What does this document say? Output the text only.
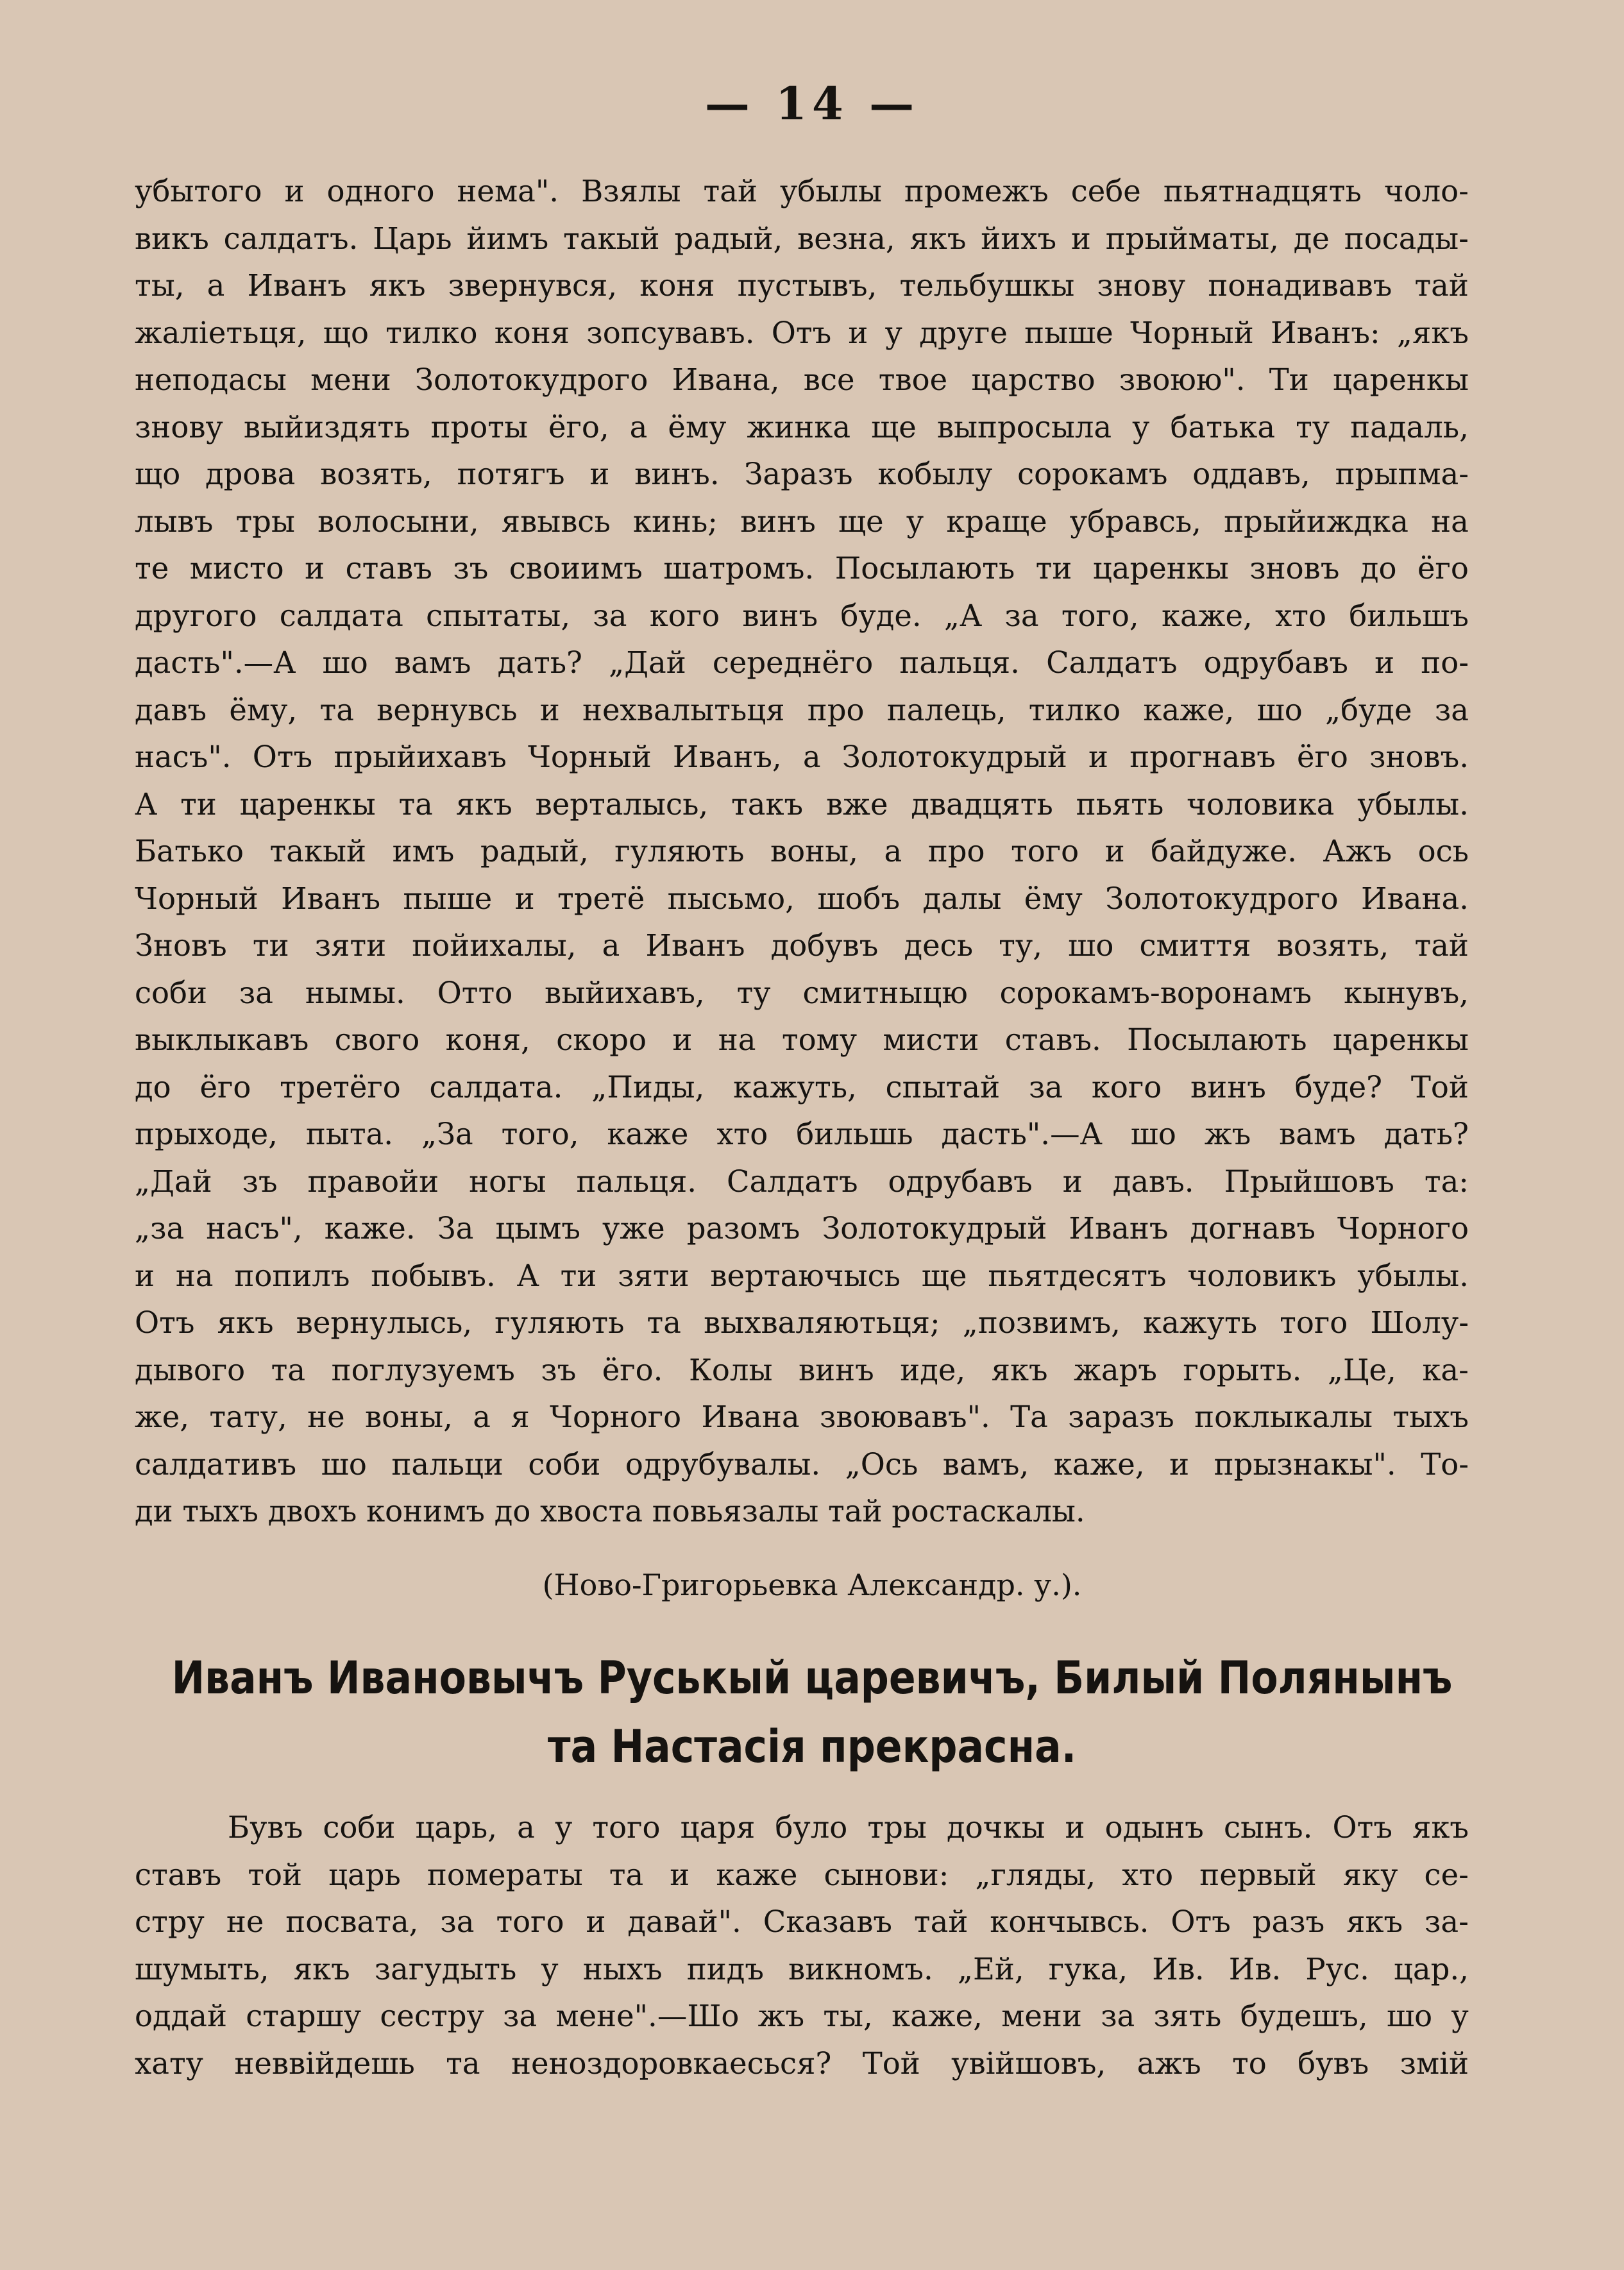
— 14 —
убытого и одного нема". Взялы тай убылы промежъ себе пьятнадцять чоло-
викъ салдатъ. Царь йимъ такый радый, везна, якъ йихъ и прыйматы, де посады-
ты, а Иванъ якъ звернувся, коня пустывъ, тельбушкы знову понадивавъ тай
жалieтьця, що тилко коня зопсувавъ. Отъ и у друге пыше Чорный Иванъ: „якъ
неподасы мени Золотокудрого Ивана, все твое царство звоюю". Ти царенкы
знову выйиздять проты ёго, а ёму жинка ще выпросыла у батька ту падаль,
що дрова возять, потягъ и винъ. Заразъ кобылу сорокамъ оддавъ, прыпма-
лывъ тры волосыни, явывсь кинь; винъ ще у краще убравсь, прыйиждка на
те мисто и ставъ зъ своиимъ шатромъ. Посылають ти царенкы зновъ до ёго
другого салдата спытаты, за кого винъ буде. „А за того, каже, хто бильшъ
дасть".—А шо вамъ дать? „Дай середнёго пальця. Салдатъ одрубавъ и по-
давъ ёму, та вернувсь и нехвалытьця про палець, тилко каже, шо „буде за
насъ". Отъ прыйихавъ Чорный Иванъ, а Золотокудрый и прогнавъ ёго зновъ.
А ти царенкы та якъ верталысь, такъ вже двадцять пьять чоловика убылы.
Батько такый имъ радый, гуляють воны, а про того и байдуже. Ажъ ось
Чорный Иванъ пыше и третё пысьмо, шобъ далы ёму Золотокудрого Ивана.
Зновъ ти зяти пойихалы, а Иванъ добувъ десь ту, шо смиття возять, тай
соби за нымы. Отто выйихавъ, ту смитныцю сорокамъ-воронамъ кынувъ,
выклыкавъ свого коня, скоро и на тому мисти ставъ. Посылають царенкы
до ёго третёго салдата. „Пиды, кажуть, спытай за кого винъ буде? Той
прыходе, пыта. „За того, каже хто бильшь дасть".—А шо жъ вамъ дать?
„Дай зъ правойи ногы пальця. Салдатъ одрубавъ и давъ. Прыйшовъ та:
„за насъ", каже. За цымъ уже разомъ Золотокудрый Иванъ догнавъ Чорного
и на попилъ побывъ. А ти зяти вертаючысь ще пьятдесятъ чоловикъ убылы.
Отъ якъ вернулысь, гуляють та выхваляютьця; „позвимъ, кажуть того Шолу-
дывого та поглузуемъ зъ ёго. Колы винъ иде, якъ жаръ горыть. „Це, ка-
же, тату, не воны, а я Чорного Ивана звоювавъ". Та заразъ поклыкалы тыхъ
салдативъ шо пальци соби одрубувалы. „Ось вамъ, каже, и прызнакы". То-
ди тыхъ двохъ конимъ до хвоста повьязалы тай ростаскалы.
(Ново-Григорьевка Александр. у.).
Иванъ Ивановычъ Руськый царевичъ, Билый Полянынъ
та Настасія прекрасна.
Бувъ соби царь, а у того царя було тры дочкы и одынъ сынъ. Отъ якъ
ставъ той царь помераты та и каже сынови: „гляды, хто первый яку се-
стру не посвата, за того и давай". Сказавъ тай кончывсь. Отъ разъ якъ за-
шумыть, якъ загудыть у ныхъ пидъ викномъ. „Ей, гука, Ив. Ив. Рус. цар.,
оддай старшу сестру за мене".—Шо жъ ты, каже, мени за зять будешъ, шо у
хату неввійдешь та неноздоровкаесься? Той увійшовъ, ажъ то бувъ змій
